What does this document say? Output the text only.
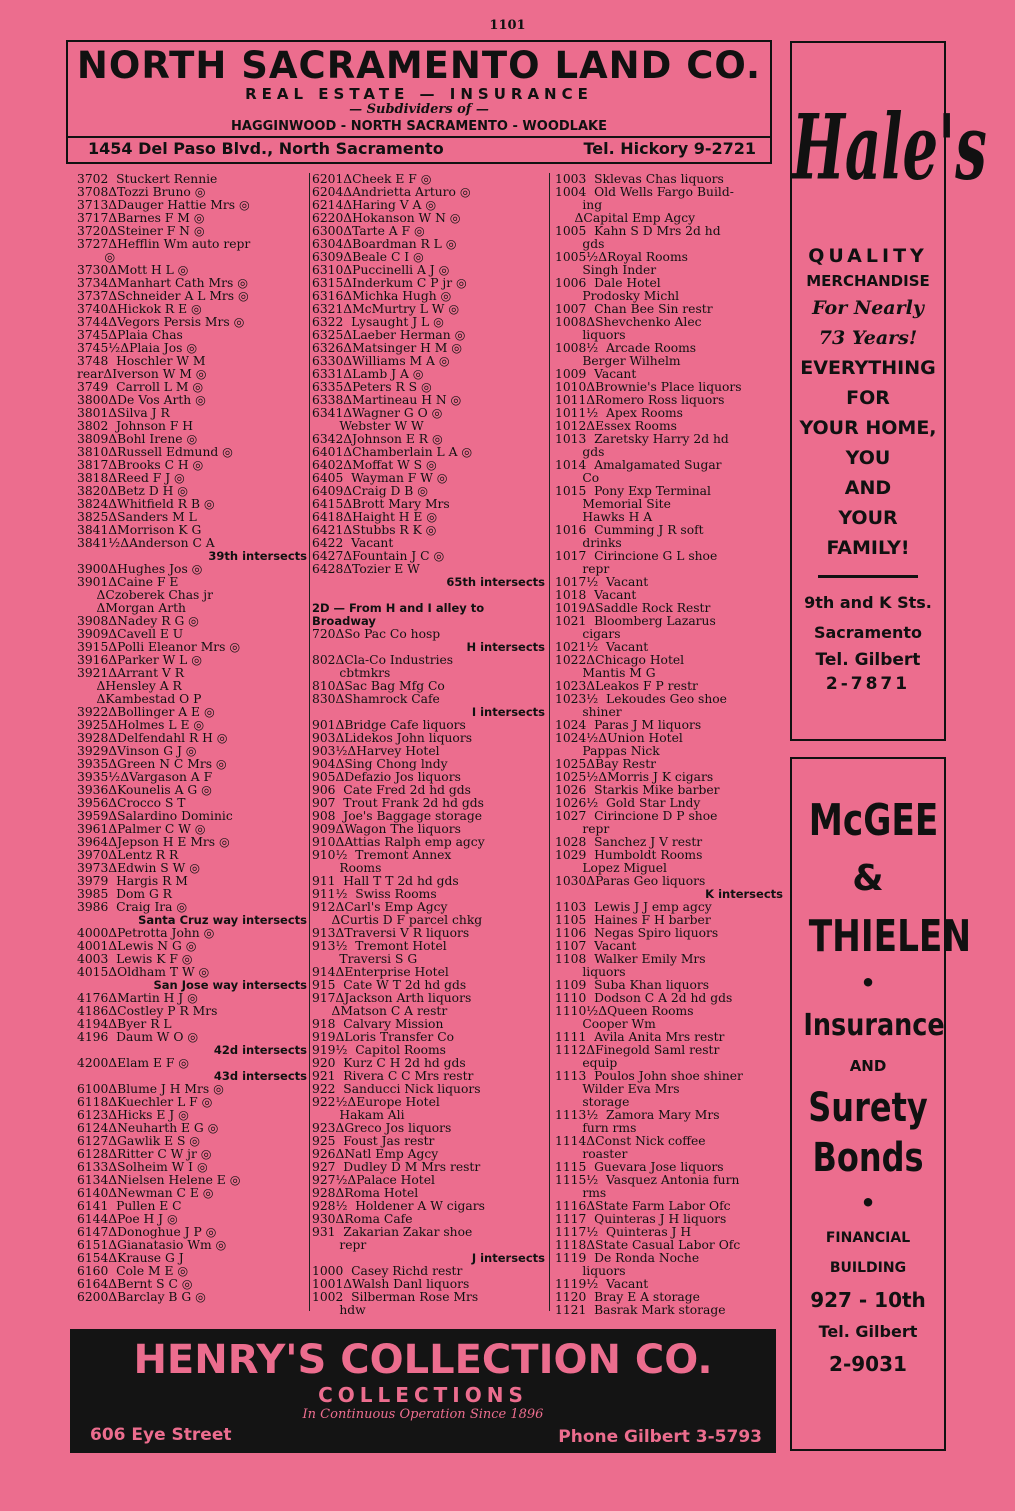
1101
NORTH SACRAMENTO LAND CO.
REAL ESTATE — INSURANCE
— Subdividers of —
HAGGINWOOD - NORTH SACRAMENTO - WOODLAKE
1454 Del Paso Blvd., North Sacramento	Tel. Hickory 9-2721
3702  Stuckert Rennie
3708ΔTozzi Bruno ◎
3713ΔDauger Hattie Mrs ◎
3717ΔBarnes F M ◎
3720ΔSteiner F N ◎
3727ΔHefflin Wm auto repr
◎
3730ΔMott H L ◎
3734ΔManhart Cath Mrs ◎
3737ΔSchneider A L Mrs ◎
3740ΔHickok R E ◎
3744ΔVegors Persis Mrs ◎
3745ΔPlaia Chas
3745½ΔPlaia Jos ◎
3748  Hoschler W M
rearΔIverson W M ◎
3749  Carroll L M ◎
3800ΔDe Vos Arth ◎
3801ΔSilva J R
3802  Johnson F H
3809ΔBohl Irene ◎
3810ΔRussell Edmund ◎
3817ΔBrooks C H ◎
3818ΔReed F J ◎
3820ΔBetz D H ◎
3824ΔWhitfield R B ◎
3825ΔSanders M L
3841ΔMorrison K G
3841½ΔAnderson C A
39th intersects
3900ΔHughes Jos ◎
3901ΔCaine F E
ΔCzoberek Chas jr
ΔMorgan Arth
3908ΔNadey R G ◎
3909ΔCavell E U
3915ΔPolli Eleanor Mrs ◎
3916ΔParker W L ◎
3921ΔArrant V R
ΔHensley A R
ΔKambestad O P
3922ΔBollinger A E ◎
3925ΔHolmes L E ◎
3928ΔDelfendahl R H ◎
3929ΔVinson G J ◎
3935ΔGreen N C Mrs ◎
3935½ΔVargason A F
3936ΔKounelis A G ◎
3956ΔCrocco S T
3959ΔSalardino Dominic
3961ΔPalmer C W ◎
3964ΔJepson H E Mrs ◎
3970ΔLentz R R
3973ΔEdwin S W ◎
3979  Hargis R M
3985  Dom G R
3986  Craig Ira ◎
Santa Cruz way intersects
4000ΔPetrotta John ◎
4001ΔLewis N G ◎
4003  Lewis K F ◎
4015ΔOldham T W ◎
San Jose way intersects
4176ΔMartin H J ◎
4186ΔCostley P R Mrs
4194ΔByer R L
4196  Daum W O ◎
42d intersects
4200ΔElam E F ◎
43d intersects
6100ΔBlume J H Mrs ◎
6118ΔKuechler L F ◎
6123ΔHicks E J ◎
6124ΔNeuharth E G ◎
6127ΔGawlik E S ◎
6128ΔRitter C W jr ◎
6133ΔSolheim W I ◎
6134ΔNielsen Helene E ◎
6140ΔNewman C E ◎
6141  Pullen E C
6144ΔPoe H J ◎
6147ΔDonoghue J P ◎
6151ΔGianatasio Wm ◎
6154ΔKrause G J
6160  Cole M E ◎
6164ΔBernt S C ◎
6200ΔBarclay B G ◎
6201ΔCheek E F ◎
6204ΔAndrietta Arturo ◎
6214ΔHaring V A ◎
6220ΔHokanson W N ◎
6300ΔTarte A F ◎
6304ΔBoardman R L ◎
6309ΔBeale C I ◎
6310ΔPuccinelli A J ◎
6315ΔInderkum C P jr ◎
6316ΔMichka Hugh ◎
6321ΔMcMurtry L W ◎
6322  Lysaught J L ◎
6325ΔLaeber Herman ◎
6326ΔMatsinger H M ◎
6330ΔWilliams M A ◎
6331ΔLamb J A ◎
6335ΔPeters R S ◎
6338ΔMartineau H N ◎
6341ΔWagner G O ◎
Webster W W
6342ΔJohnson E R ◎
6401ΔChamberlain L A ◎
6402ΔMoffat W S ◎
6405  Wayman F W ◎
6409ΔCraig D B ◎
6415ΔBrott Mary Mrs
6418ΔHaight H E ◎
6421ΔStubbs R K ◎
6422  Vacant
6427ΔFountain J C ◎
6428ΔTozier E W
65th intersects
2D — From H and I alley to
Broadway
720ΔSo Pac Co hosp
H intersects
802ΔCla-Co Industries
cbtmkrs
810ΔSac Bag Mfg Co
830ΔShamrock Cafe
I intersects
901ΔBridge Cafe liquors
903ΔLidekos John liquors
903½ΔHarvey Hotel
904ΔSing Chong lndy
905ΔDefazio Jos liquors
906  Cate Fred 2d hd gds
907  Trout Frank 2d hd gds
908  Joe's Baggage storage
909ΔWagon The liquors
910ΔAttias Ralph emp agcy
910½  Tremont Annex
Rooms
911  Hall T T 2d hd gds
911½  Swiss Rooms
912ΔCarl's Emp Agcy
ΔCurtis D F parcel chkg
913ΔTraversi V R liquors
913½  Tremont Hotel
Traversi S G
914ΔEnterprise Hotel
915  Cate W T 2d hd gds
917ΔJackson Arth liquors
ΔMatson C A restr
918  Calvary Mission
919ΔLoris Transfer Co
919½  Capitol Rooms
920  Kurz C H 2d hd gds
921  Rivera C C Mrs restr
922  Sanducci Nick liquors
922½ΔEurope Hotel
Hakam Ali
923ΔGreco Jos liquors
925  Foust Jas restr
926ΔNatl Emp Agcy
927  Dudley D M Mrs restr
927½ΔPalace Hotel
928ΔRoma Hotel
928½  Holdener A W cigars
930ΔRoma Cafe
931  Zakarian Zakar shoe
repr
J intersects
1000  Casey Richd restr
1001ΔWalsh Danl liquors
1002  Silberman Rose Mrs
hdw
1003  Sklevas Chas liquors
1004  Old Wells Fargo Build-
ing
ΔCapital Emp Agcy
1005  Kahn S D Mrs 2d hd
gds
1005½ΔRoyal Rooms
Singh Inder
1006  Dale Hotel
Prodosky Michl
1007  Chan Bee Sin restr
1008ΔShevchenko Alec
liquors
1008½  Arcade Rooms
Berger Wilhelm
1009  Vacant
1010ΔBrownie's Place liquors
1011ΔRomero Ross liquors
1011½  Apex Rooms
1012ΔEssex Rooms
1013  Zaretsky Harry 2d hd
gds
1014  Amalgamated Sugar
Co
1015  Pony Exp Terminal
Memorial Site
Hawks H A
1016  Cumming J R soft
drinks
1017  Cirincione G L shoe
repr
1017½  Vacant
1018  Vacant
1019ΔSaddle Rock Restr
1021  Bloomberg Lazarus
cigars
1021½  Vacant
1022ΔChicago Hotel
Mantis M G
1023ΔLeakos F P restr
1023½  Lekoudes Geo shoe
shiner
1024  Paras J M liquors
1024½ΔUnion Hotel
Pappas Nick
1025ΔBay Restr
1025½ΔMorris J K cigars
1026  Starkis Mike barber
1026½  Gold Star Lndy
1027  Cirincione D P shoe
repr
1028  Sanchez J V restr
1029  Humboldt Rooms
Lopez Miguel
1030ΔParas Geo liquors
K intersects
1103  Lewis J J emp agcy
1105  Haines F H barber
1106  Negas Spiro liquors
1107  Vacant
1108  Walker Emily Mrs
liquors
1109  Suba Khan liquors
1110  Dodson C A 2d hd gds
1110½ΔQueen Rooms
Cooper Wm
1111  Avila Anita Mrs restr
1112ΔFinegold Saml restr
equip
1113  Poulos John shoe shiner
Wilder Eva Mrs
storage
1113½  Zamora Mary Mrs
furn rms
1114ΔConst Nick coffee
roaster
1115  Guevara Jose liquors
1115½  Vasquez Antonia furn
rms
1116ΔState Farm Labor Ofc
1117  Quinteras J H liquors
1117½  Quinteras J H
1118ΔState Casual Labor Ofc
1119  De Ronda Noche
liquors
1119½  Vacant
1120  Bray E A storage
1121  Basrak Mark storage
HENRY'S COLLECTION CO.
COLLECTIONS
In Continuous Operation Since 1896
606 Eye Street	Phone Gilbert 3-5793
Hale's
QUALITY
MERCHANDISE
For Nearly
73 Years!
EVERYTHING
FOR
YOUR HOME,
YOU
AND
YOUR
FAMILY!
9th and K Sts.
Sacramento
Tel. Gilbert
2-7871
McGEE
&
THIELEN
•
Insurance
AND
Surety
Bonds
•
FINANCIAL
BUILDING
927 - 10th
Tel. Gilbert
2-9031
